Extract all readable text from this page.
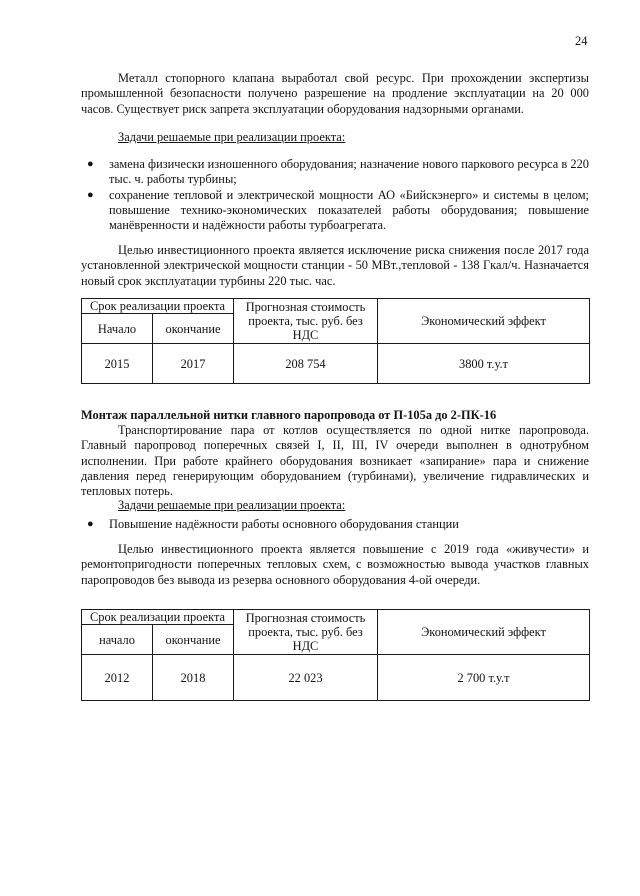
24

Металл стопорного клапана выработал свой ресурс. При прохождении экспертизы промышленной безопасности получено разрешение на продление эксплуатации на 20 000 часов. Существует риск запрета эксплуатации оборудования надзорными органами.

Задачи решаемые при реализации проекта:

● замена физически изношенного оборудования; назначение нового паркового ресурса в 220 тыс. ч. работы турбины;
● сохранение тепловой и электрической мощности АО «Бийскэнерго» и системы в целом; повышение технико-экономических показателей работы оборудования; повышение манёвренности и надёжности работы турбоагрегата.

Целью инвестиционного проекта является исключение риска снижения после 2017 года установленной электрической мощности станции - 50 МВт.,тепловой - 138 Гкал/ч. Назначается новый срок эксплуатации турбины 220 тыс. час.

Срок реализации проекта		Прогнозная стоимость проекта, тыс. руб. без НДС	Экономический эффект
Начало	окончание		
2015	2017	208 754	3800 т.у.т

Монтаж параллельной нитки главного паропровода от П-105а до 2-ПК-16

Транспортирование пара от котлов осуществляется по одной нитке паропровода. Главный паропровод поперечных связей I, II, III, IV очереди выполнен в однотрубном исполнении. При работе крайнего оборудования возникает «запирание» пара и снижение давления перед генерирующим оборудованием (турбинами), увеличение гидравлических и тепловых потерь.

Задачи решаемые при реализации проекта:

● Повышение надёжности работы основного оборудования станции

Целью инвестиционного проекта является повышение с 2019 года «живучести» и ремонтопригодности поперечных тепловых схем, с возможностью вывода участков главных паропроводов без вывода из резерва основного оборудования 4-ой очереди.

Срок реализации проекта		Прогнозная стоимость проекта, тыс. руб. без НДС	Экономический эффект
начало	окончание		
2012	2018	22 023	2 700 т.у.т
